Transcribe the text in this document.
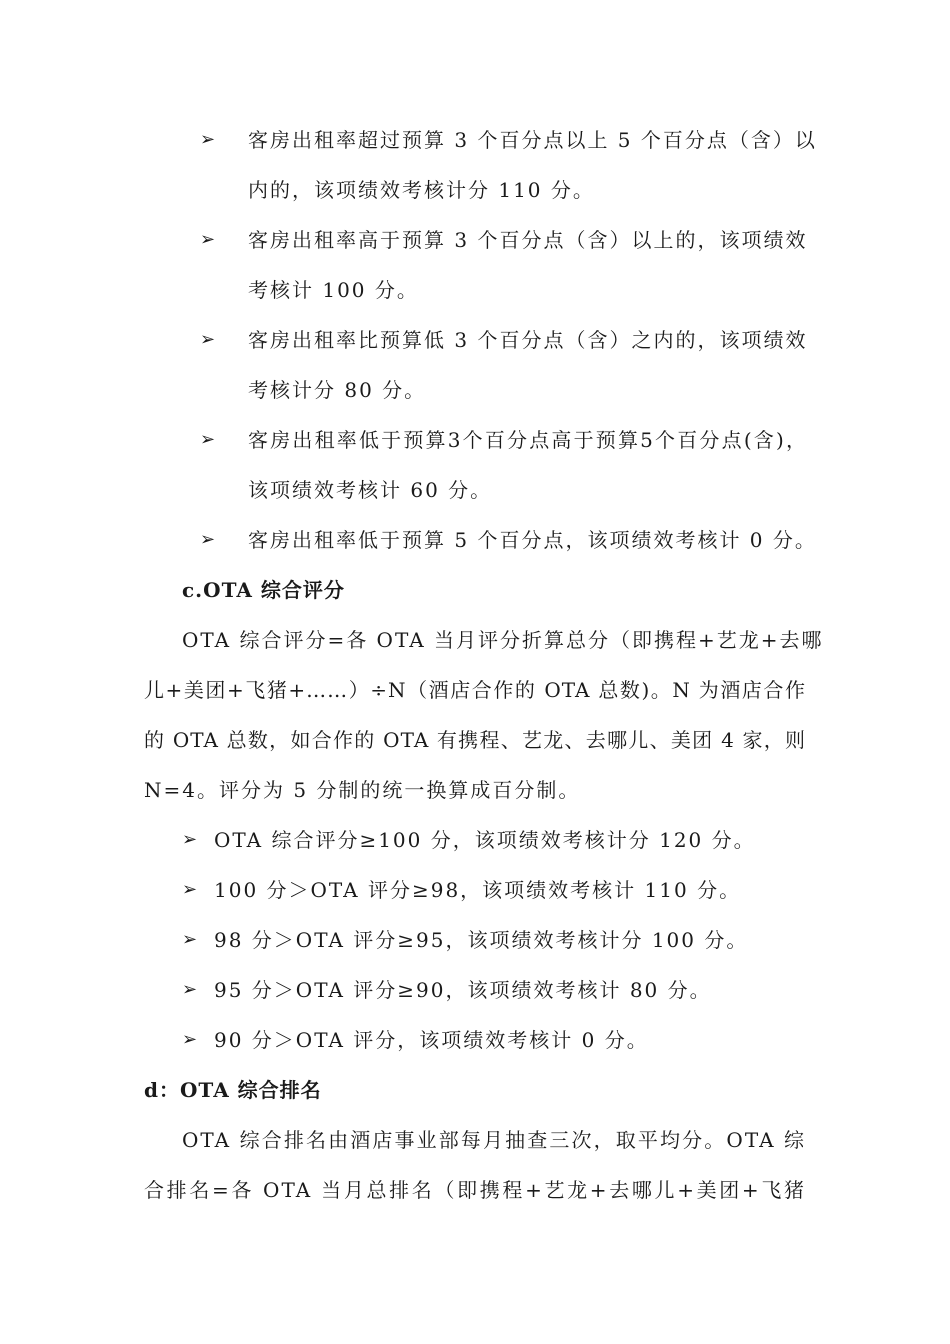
➢ 客房出租率超过预算 3 个百分点以上 5 个百分点（含）以
内的，该项绩效考核计分 110 分。
➢ 客房出租率高于预算 3 个百分点（含）以上的，该项绩效
考核计 100 分。
➢ 客房出租率比预算低 3 个百分点（含）之内的，该项绩效
考核计分 80 分。
➢ 客房出租率低于预算3个百分点高于预算5个百分点(含)，
该项绩效考核计 60 分。
➢ 客房出租率低于预算 5 个百分点，该项绩效考核计 0 分。
c.OTA 综合评分
OTA 综合评分=各 OTA 当月评分折算总分（即携程+艺龙+去哪
儿+美团+飞猪+……）÷N（酒店合作的 OTA 总数)。N 为酒店合作
的 OTA 总数，如合作的 OTA 有携程、艺龙、去哪儿、美团 4 家，则
N=4。评分为 5 分制的统一换算成百分制。
➢ OTA 综合评分≥100 分，该项绩效考核计分 120 分。
➢ 100 分＞OTA 评分≥98，该项绩效考核计 110 分。
➢ 98 分＞OTA 评分≥95，该项绩效考核计分 100 分。
➢ 95 分＞OTA 评分≥90，该项绩效考核计 80 分。
➢ 90 分＞OTA 评分，该项绩效考核计 0 分。
d：OTA 综合排名
OTA 综合排名由酒店事业部每月抽查三次，取平均分。OTA 综
合排名=各 OTA 当月总排名（即携程+艺龙+去哪儿+美团+飞猪
